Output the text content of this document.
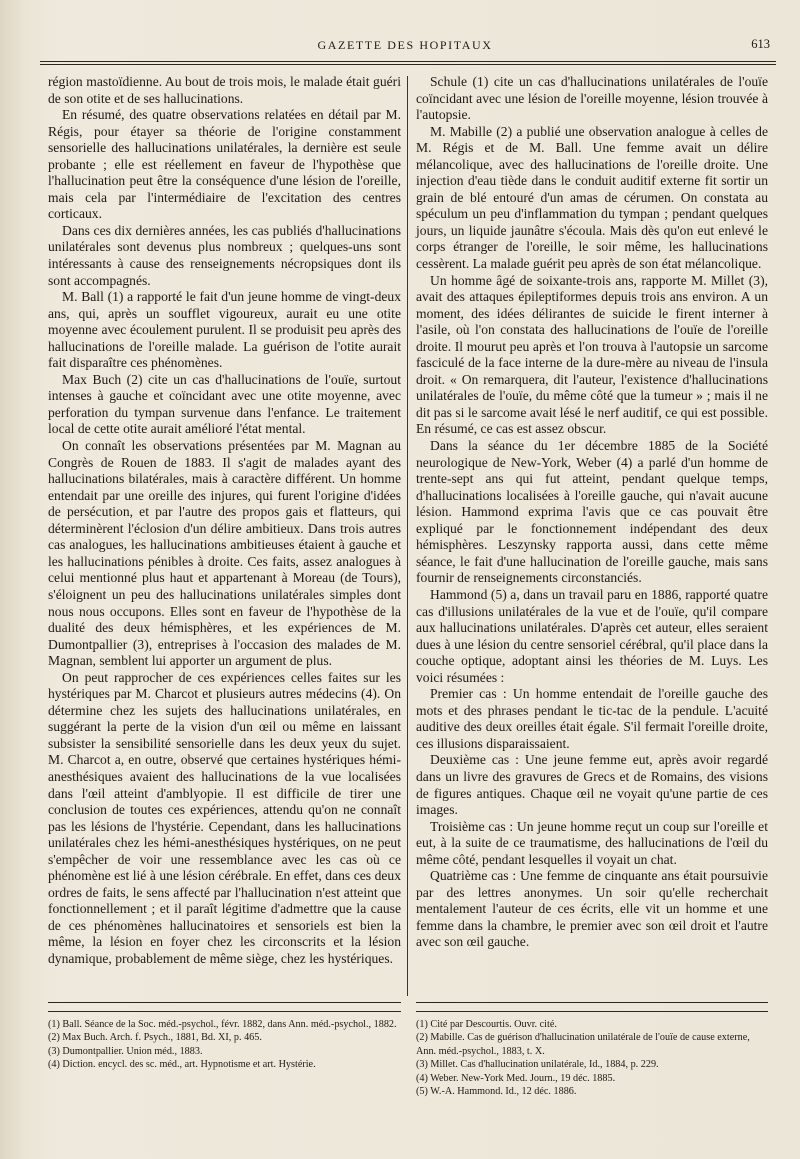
GAZETTE DES HOPITAUX	613

région mastoïdienne. Au bout de trois mois, le malade était guéri de son otite et de ses hallucinations.

En résumé, des quatre observations relatées en détail par M. Régis, pour étayer sa théorie de l'origine constamment sensorielle des hallucinations unilatérales, la dernière est seule probante ; elle est réellement en faveur de l'hypothèse que l'hallucination peut être la conséquence d'une lésion de l'oreille, mais cela par l'intermédiaire de l'excitation des centres corticaux.

Dans ces dix dernières années, les cas publiés d'hallucinations unilatérales sont devenus plus nombreux ; quelques-uns sont intéressants à cause des renseignements nécropsiques dont ils sont accompagnés.

M. Ball (1) a rapporté le fait d'un jeune homme de vingt-deux ans, qui, après un soufflet vigoureux, aurait eu une otite moyenne avec écoulement purulent. Il se produisit peu après des hallucinations de l'oreille malade. La guérison de l'otite aurait fait disparaître ces phénomènes.

Max Buch (2) cite un cas d'hallucinations de l'ouïe, surtout intenses à gauche et coïncidant avec une otite moyenne, avec perforation du tympan survenue dans l'enfance. Le traitement local de cette otite aurait amélioré l'état mental.

On connaît les observations présentées par M. Magnan au Congrès de Rouen de 1883. Il s'agit de malades ayant des hallucinations bilatérales, mais à caractère différent. Un homme entendait par une oreille des injures, qui furent l'origine d'idées de persécution, et par l'autre des propos gais et flatteurs, qui déterminèrent l'éclosion d'un délire ambitieux. Dans trois autres cas analogues, les hallucinations ambitieuses étaient à gauche et les hallucinations pénibles à droite. Ces faits, assez analogues à celui mentionné plus haut et appartenant à Moreau (de Tours), s'éloignent un peu des hallucinations unilatérales simples dont nous nous occupons. Elles sont en faveur de l'hypothèse de la dualité des deux hémisphères, et les expériences de M. Dumontpallier (3), entreprises à l'occasion des malades de M. Magnan, semblent lui apporter un argument de plus.

On peut rapprocher de ces expériences celles faites sur les hystériques par M. Charcot et plusieurs autres médecins (4). On détermine chez les sujets des hallucinations unilatérales, en suggérant la perte de la vision d'un œil ou même en laissant subsister la sensibilité sensorielle dans les deux yeux du sujet. M. Charcot a, en outre, observé que certaines hystériques hémi-anesthésiques avaient des hallucinations de la vue localisées dans l'œil atteint d'amblyopie. Il est difficile de tirer une conclusion de toutes ces expériences, attendu qu'on ne connaît pas les lésions de l'hystérie. Cependant, dans les hallucinations unilatérales chez les hémi-anesthésiques hystériques, on ne peut s'empêcher de voir une ressemblance avec les cas où ce phénomène est lié à une lésion cérébrale. En effet, dans ces deux ordres de faits, le sens affecté par l'hallucination n'est atteint que fonctionnellement ; et il paraît légitime d'admettre que la cause de ces phénomènes hallucinatoires et sensoriels est bien la même, la lésion en foyer chez les circonscrits et la lésion dynamique, probablement de même siège, chez les hystériques.

Schule (1) cite un cas d'hallucinations unilatérales de l'ouïe coïncidant avec une lésion de l'oreille moyenne, lésion trouvée à l'autopsie.

M. Mabille (2) a publié une observation analogue à celles de M. Régis et de M. Ball. Une femme avait un délire mélancolique, avec des hallucinations de l'oreille droite. Une injection d'eau tiède dans le conduit auditif externe fit sortir un grain de blé entouré d'un amas de cérumen. On constata au spéculum un peu d'inflammation du tympan ; pendant quelques jours, un liquide jaunâtre s'écoula. Mais dès qu'on eut enlevé le corps étranger de l'oreille, le soir même, les hallucinations cessèrent. La malade guérit peu après de son état mélancolique.

Un homme âgé de soixante-trois ans, rapporte M. Millet (3), avait des attaques épileptiformes depuis trois ans environ. A un moment, des idées délirantes de suicide le firent interner à l'asile, où l'on constata des hallucinations de l'ouïe de l'oreille droite. Il mourut peu après et l'on trouva à l'autopsie un sarcome fasciculé de la face interne de la dure-mère au niveau de l'insula droit. « On remarquera, dit l'auteur, l'existence d'hallucinations unilatérales de l'ouïe, du même côté que la tumeur » ; mais il ne dit pas si le sarcome avait lésé le nerf auditif, ce qui est possible. En résumé, ce cas est assez obscur.

Dans la séance du 1er décembre 1885 de la Société neurologique de New-York, Weber (4) a parlé d'un homme de trente-sept ans qui fut atteint, pendant quelque temps, d'hallucinations localisées à l'oreille gauche, qui n'avait aucune lésion. Hammond exprima l'avis que ce cas pouvait être expliqué par le fonctionnement indépendant des deux hémisphères. Leszynsky rapporta aussi, dans cette même séance, le fait d'une hallucination de l'oreille gauche, mais sans fournir de renseignements circonstanciés.

Hammond (5) a, dans un travail paru en 1886, rapporté quatre cas d'illusions unilatérales de la vue et de l'ouïe, qu'il compare aux hallucinations unilatérales. D'après cet auteur, elles seraient dues à une lésion du centre sensoriel cérébral, qu'il place dans la couche optique, adoptant ainsi les théories de M. Luys. Les voici résumées :

Premier cas : Un homme entendait de l'oreille gauche des mots et des phrases pendant le tic-tac de la pendule. L'acuité auditive des deux oreilles était égale. S'il fermait l'oreille droite, ces illusions disparaissaient.

Deuxième cas : Une jeune femme eut, après avoir regardé dans un livre des gravures de Grecs et de Romains, des visions de figures antiques. Chaque œil ne voyait qu'une partie de ces images.

Troisième cas : Un jeune homme reçut un coup sur l'oreille et eut, à la suite de ce traumatisme, des hallucinations de l'œil du même côté, pendant lesquelles il voyait un chat.

Quatrième cas : Une femme de cinquante ans était poursuivie par des lettres anonymes. Un soir qu'elle recherchait mentalement l'auteur de ces écrits, elle vit un homme et une femme dans la chambre, le premier avec son œil droit et l'autre avec son œil gauche.

(1) Ball. Séance de la Soc. méd.-psychol., févr. 1882, dans Ann. méd.-psychol., 1882.

(2) Max Buch. Arch. f. Psych., 1881, Bd. XI, p. 465.

(3) Dumontpallier. Union méd., 1883.

(4) Diction. encycl. des sc. méd., art. Hypnotisme et art. Hystérie.

(1) Cité par Descourtis. Ouvr. cité.

(2) Mabille. Cas de guérison d'hallucination unilatérale de l'ouïe de cause externe, Ann. méd.-psychol., 1883, t. X.

(3) Millet. Cas d'hallucination unilatérale, Id., 1884, p. 229.

(4) Weber. New-York Med. Journ., 19 déc. 1885.

(5) W.-A. Hammond. Id., 12 déc. 1886.
